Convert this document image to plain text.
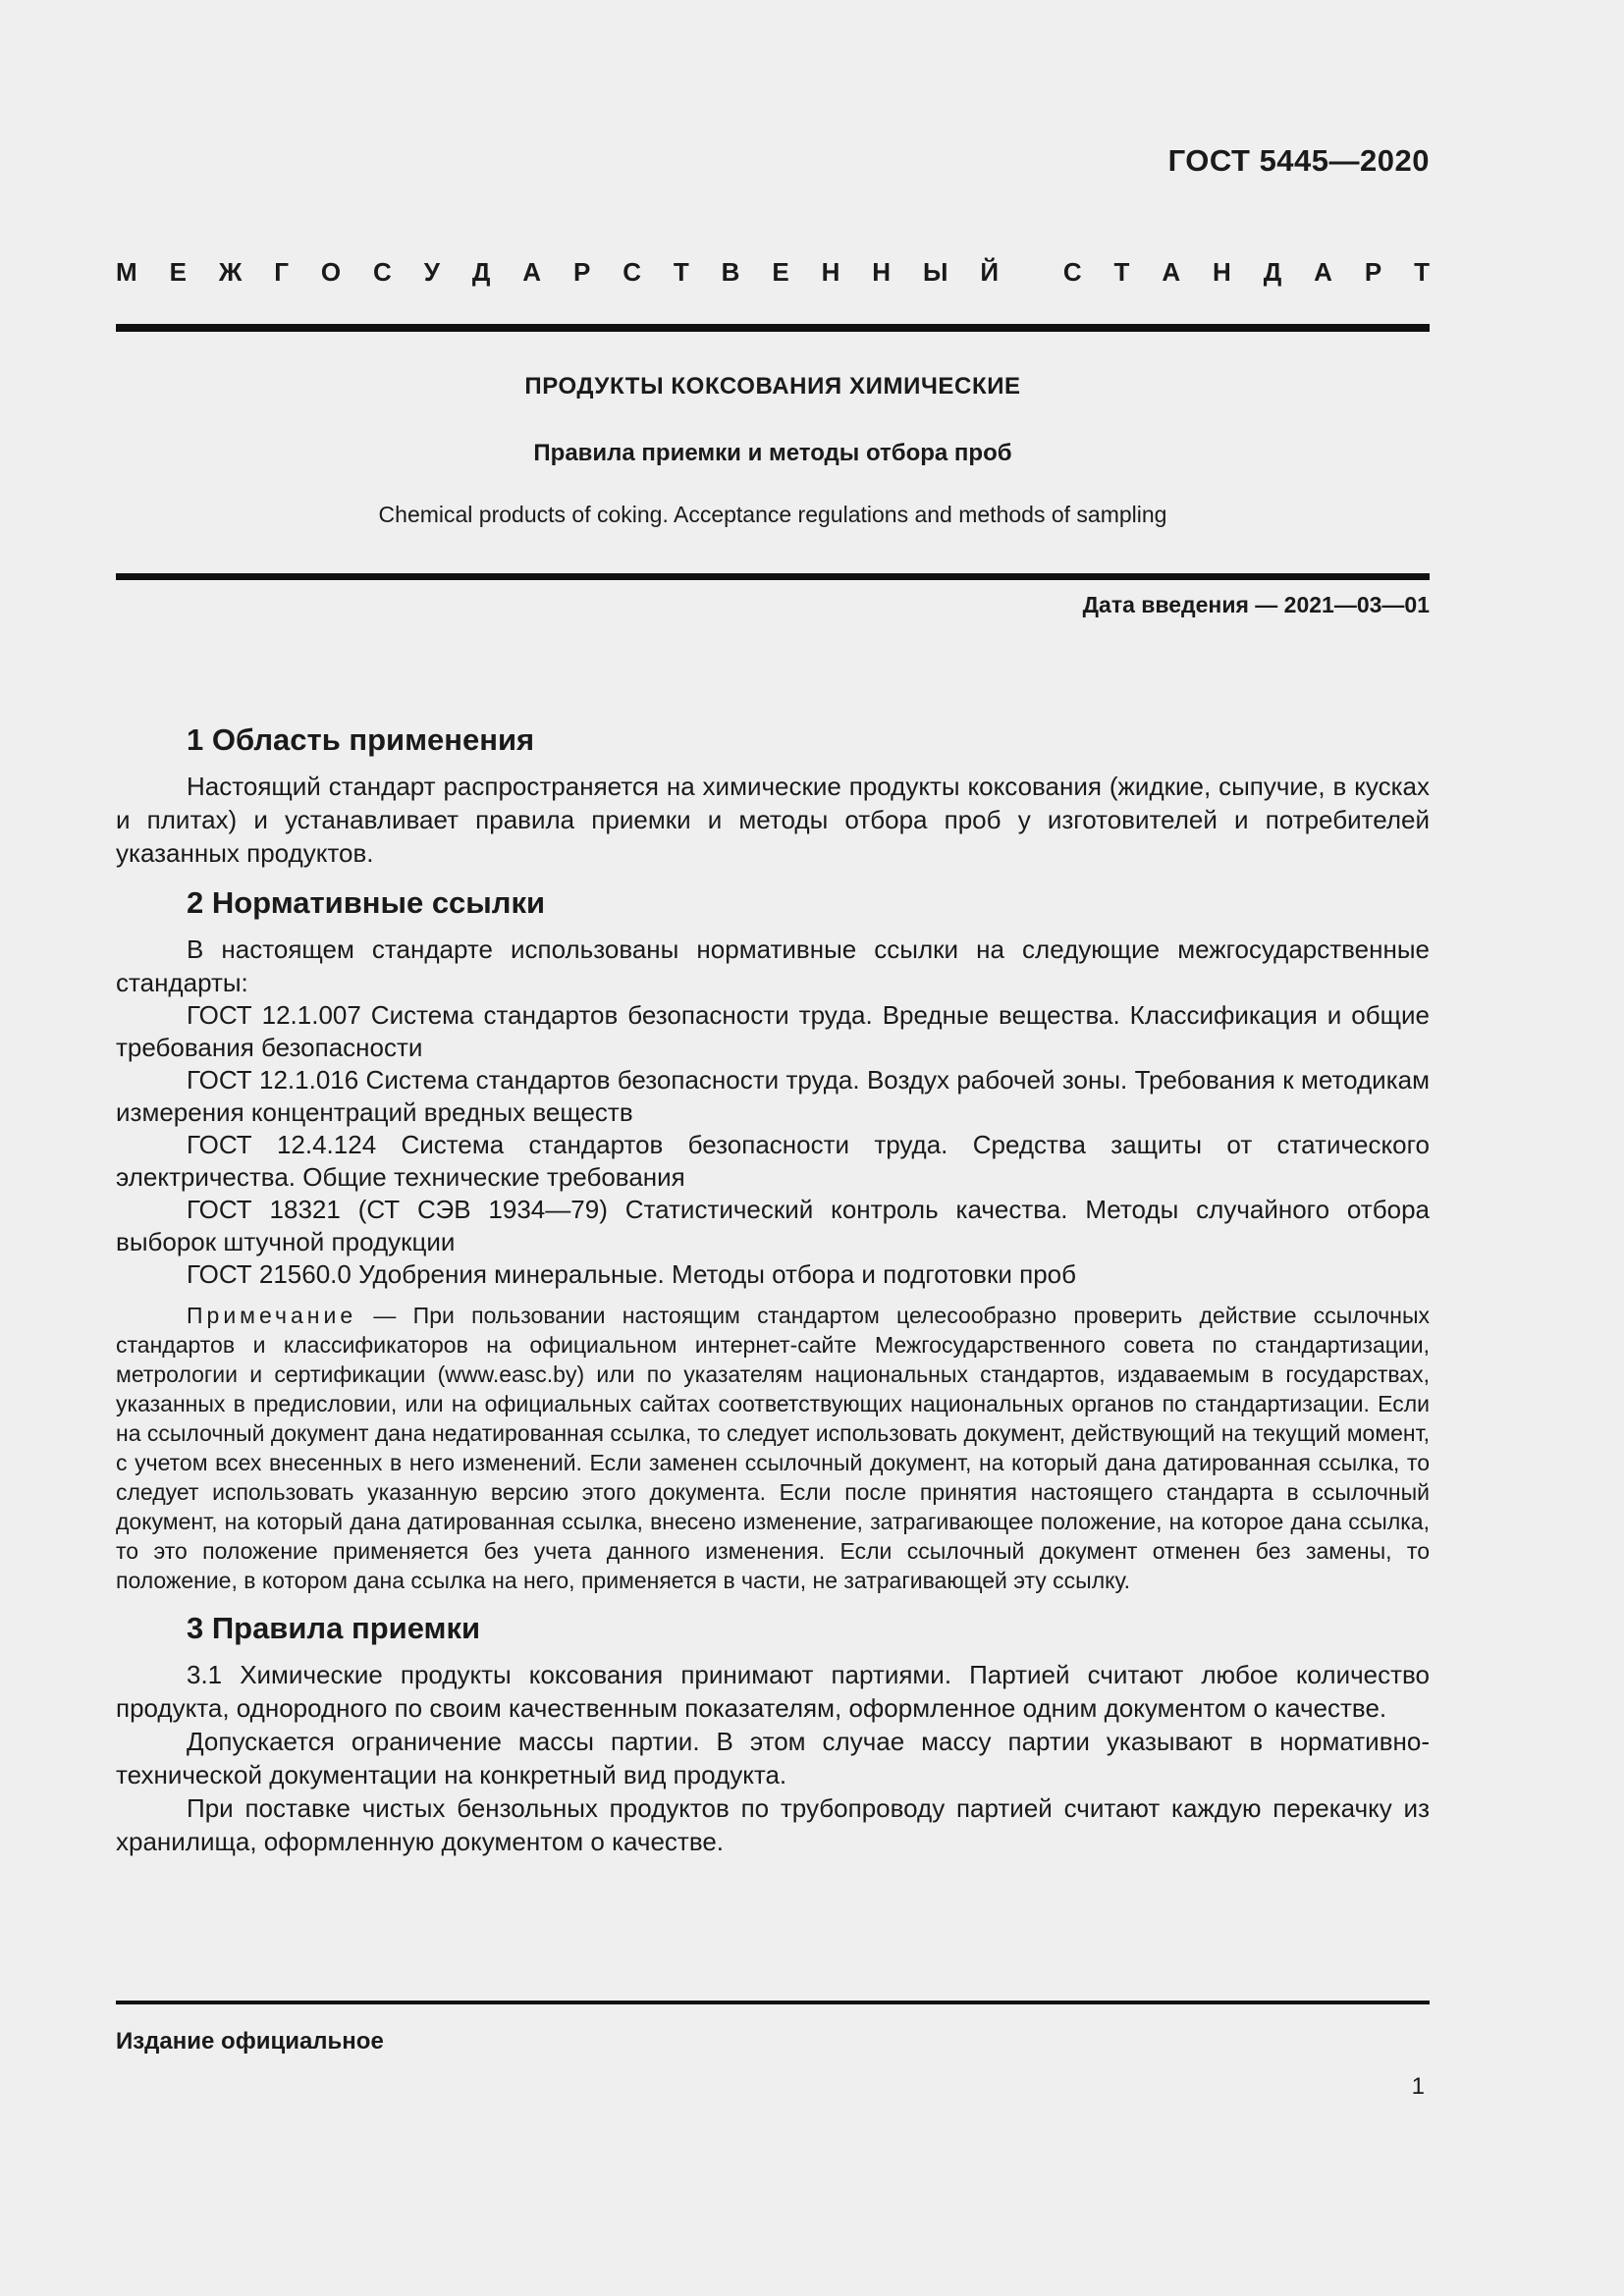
ГОСТ 5445—2020
М Е Ж Г О С У Д А Р С Т В Е Н Н Ы Й	С Т А Н Д А Р Т
ПРОДУКТЫ КОКСОВАНИЯ ХИМИЧЕСКИЕ
Правила приемки и методы отбора проб
Chemical products of coking. Acceptance regulations and methods of sampling
Дата введения — 2021—03—01
1 Область применения

Настоящий стандарт распространяется на химические продукты коксования (жидкие, сыпучие, в кусках и плитах) и устанавливает правила приемки и методы отбора проб у изготовителей и потребителей указанных продуктов.

2 Нормативные ссылки

В настоящем стандарте использованы нормативные ссылки на следующие межгосударственные стандарты:

ГОСТ 12.1.007 Система стандартов безопасности труда. Вредные вещества. Классификация и общие требования безопасности

ГОСТ 12.1.016 Система стандартов безопасности труда. Воздух рабочей зоны. Требования к методикам измерения концентраций вредных веществ

ГОСТ 12.4.124 Система стандартов безопасности труда. Средства защиты от статического электричества. Общие технические требования

ГОСТ 18321 (СТ СЭВ 1934—79) Статистический контроль качества. Методы случайного отбора выборок штучной продукции

ГОСТ 21560.0 Удобрения минеральные. Методы отбора и подготовки проб

Примечание — При пользовании настоящим стандартом целесообразно проверить действие ссылочных стандартов и классификаторов на официальном интернет-сайте Межгосударственного совета по стандартизации, метрологии и сертификации (www.easc.by) или по указателям национальных стандартов, издаваемым в государствах, указанных в предисловии, или на официальных сайтах соответствующих национальных органов по стандартизации. Если на ссылочный документ дана недатированная ссылка, то следует использовать документ, действующий на текущий момент, с учетом всех внесенных в него изменений. Если заменен ссылочный документ, на который дана датированная ссылка, то следует использовать указанную версию этого документа. Если после принятия настоящего стандарта в ссылочный документ, на который дана датированная ссылка, внесено изменение, затрагивающее положение, на которое дана ссылка, то это положение применяется без учета данного изменения. Если ссылочный документ отменен без замены, то положение, в котором дана ссылка на него, применяется в части, не затрагивающей эту ссылку.

3 Правила приемки

3.1 Химические продукты коксования принимают партиями. Партией считают любое количество продукта, однородного по своим качественным показателям, оформленное одним документом о качестве.

Допускается ограничение массы партии. В этом случае массу партии указывают в нормативно-технической документации на конкретный вид продукта.

При поставке чистых бензольных продуктов по трубопроводу партией считают каждую перекачку из хранилища, оформленную документом о качестве.

Издание официальное
1
